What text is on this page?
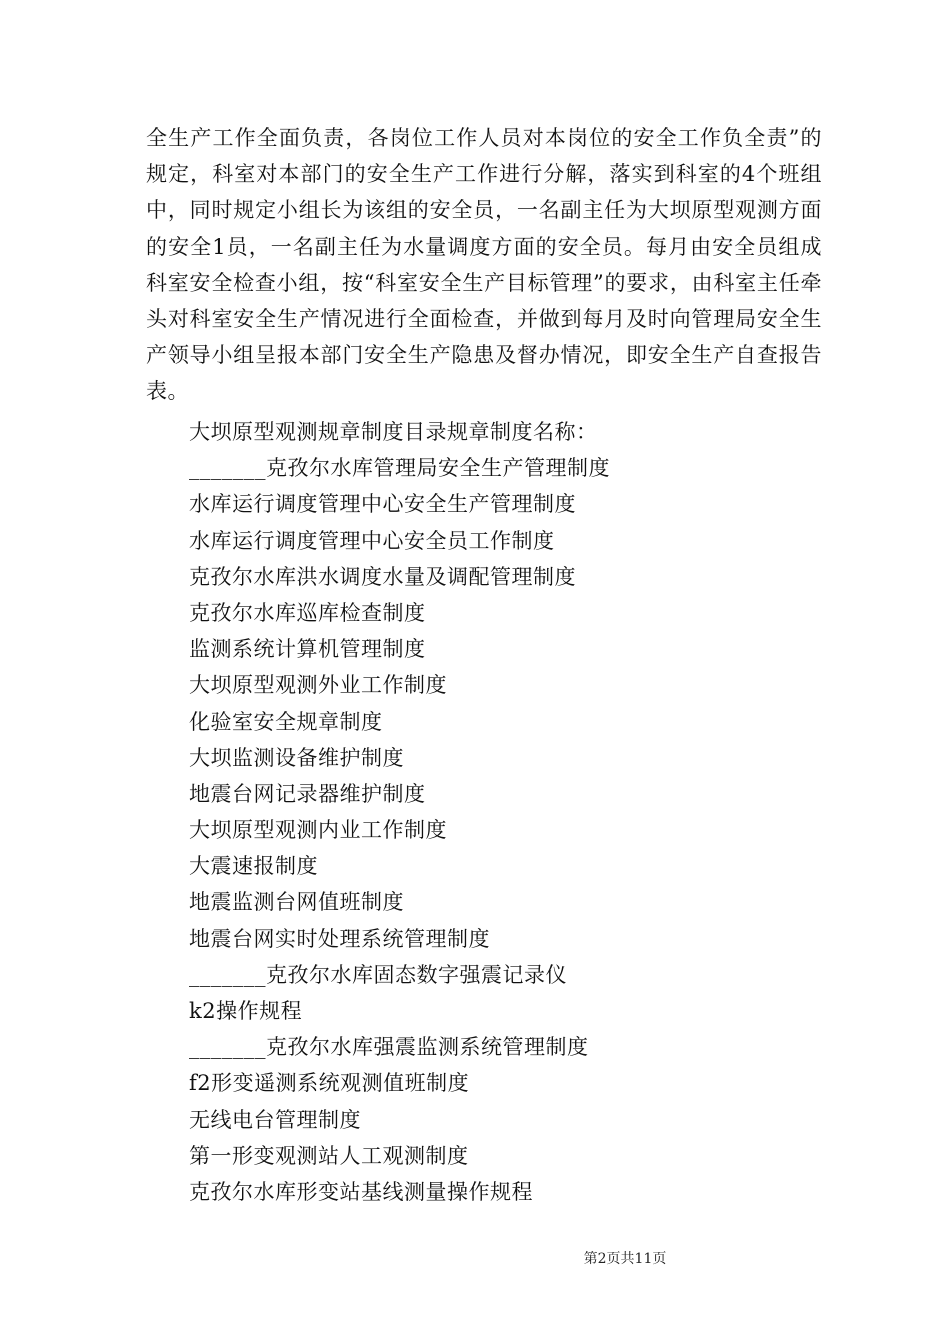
全生产工作全面负责，各岗位工作人员对本岗位的安全工作负全责”的规定，科室对本部门的安全生产工作进行分解，落实到科室的4个班组中，同时规定小组长为该组的安全员，一名副主任为大坝原型观测方面的安全1员，一名副主任为水量调度方面的安全员。每月由安全员组成科室安全检查小组，按“科室安全生产目标管理”的要求，由科室主任牵头对科室安全生产情况进行全面检查，并做到每月及时向管理局安全生产领导小组呈报本部门安全生产隐患及督办情况，即安全生产自查报告表。

大坝原型观测规章制度目录规章制度名称：
_______克孜尔水库管理局安全生产管理制度
水库运行调度管理中心安全生产管理制度
水库运行调度管理中心安全员工作制度
克孜尔水库洪水调度水量及调配管理制度
克孜尔水库巡库检查制度
监测系统计算机管理制度
大坝原型观测外业工作制度
化验室安全规章制度
大坝监测设备维护制度
地震台网记录器维护制度
大坝原型观测内业工作制度
大震速报制度
地震监测台网值班制度
地震台网实时处理系统管理制度
_______克孜尔水库固态数字强震记录仪
k2操作规程
_______克孜尔水库强震监测系统管理制度
f2形变遥测系统观测值班制度
无线电台管理制度
第一形变观测站人工观测制度
克孜尔水库形变站基线测量操作规程
第2页共11页
